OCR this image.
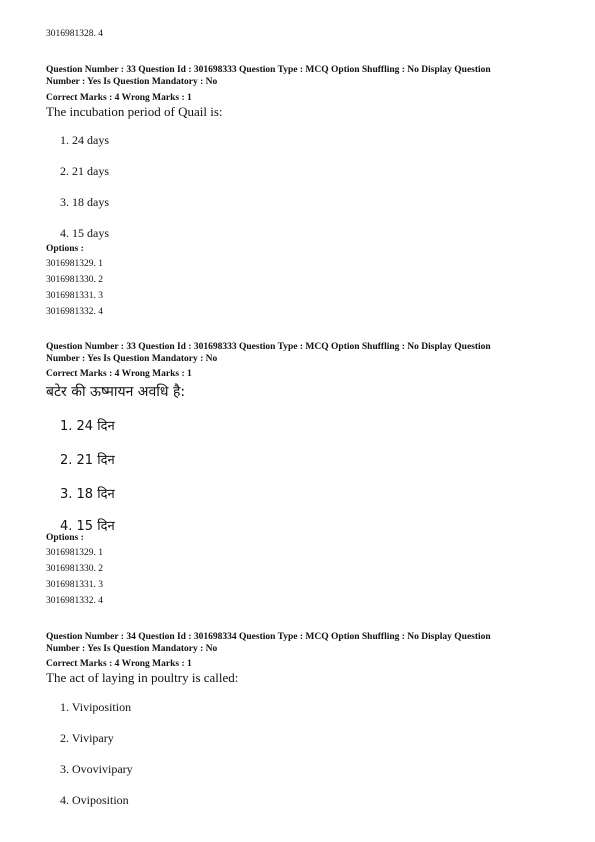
3016981328. 4
Question Number : 33 Question Id : 301698333 Question Type : MCQ Option Shuffling : No Display Question
Number : Yes Is Question Mandatory : No
Correct Marks : 4 Wrong Marks : 1
The incubation period of Quail is:
1. 24 days
2. 21 days
3. 18 days
4. 15 days
Options :
3016981329. 1
3016981330. 2
3016981331. 3
3016981332. 4
Question Number : 33 Question Id : 301698333 Question Type : MCQ Option Shuffling : No Display Question
Number : Yes Is Question Mandatory : No
Correct Marks : 4 Wrong Marks : 1
बटेर की ऊष्मायन अवधि है:
1. 24 दिन
2. 21 दिन
3. 18 दिन
4. 15 दिन
Options :
3016981329. 1
3016981330. 2
3016981331. 3
3016981332. 4
Question Number : 34 Question Id : 301698334 Question Type : MCQ Option Shuffling : No Display Question
Number : Yes Is Question Mandatory : No
Correct Marks : 4 Wrong Marks : 1
The act of laying in poultry is called:
1. Viviposition
2. Vivipary
3. Ovovivipary
4. Oviposition
